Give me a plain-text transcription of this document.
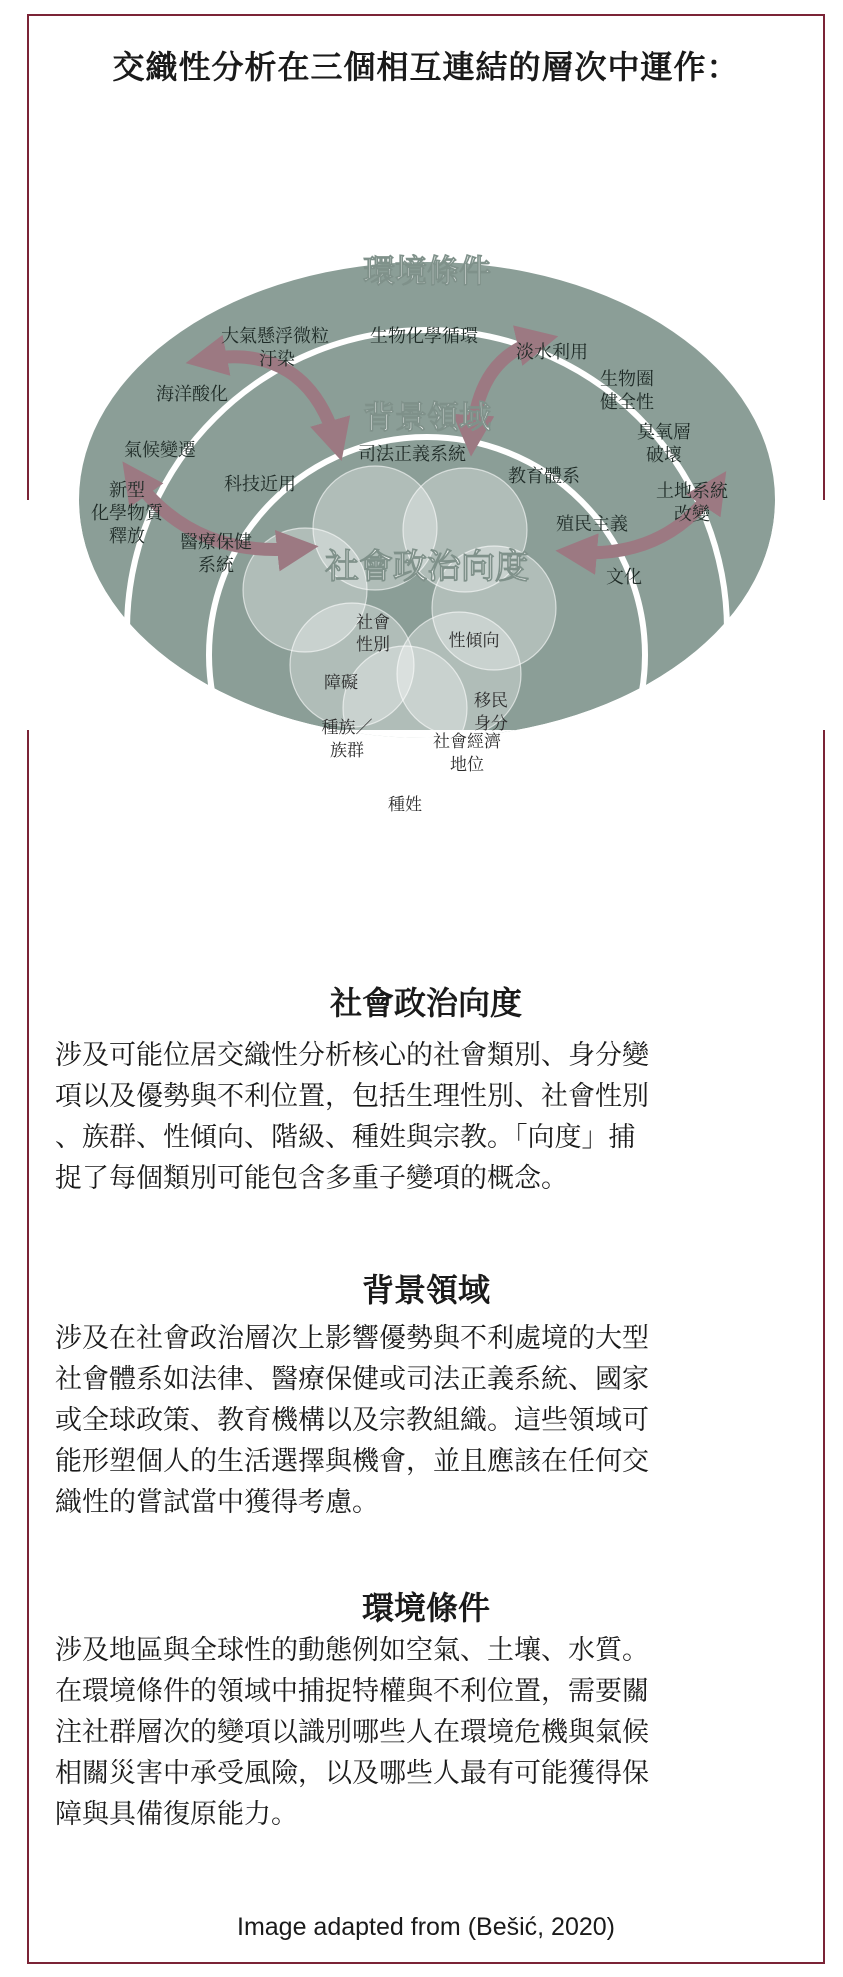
交織性分析在三個相互連結的層次中運作：
環境條件
背景領域
社會政治向度
大氣懸浮微粒
汙染
生物化學循環
淡水利用
海洋酸化
生物圈
健全性
臭氧層
破壞
氣候變遷
新型
化學物質
釋放
土地系統
改變
司法正義系統
科技近用	教育體系
殖民主義
醫療保健
系統
文化
社會
性別	性傾向
障礙
移民
身分
種族／
族群	社會經濟
地位
種姓
社會政治向度
涉及可能位居交織性分析核心的社會類別、身分變
項以及優勢與不利位置，包括生理性別、社會性別
、族群、性傾向、階級、種姓與宗教。「向度」捕
捉了每個類別可能包含多重子變項的概念。
背景領域
涉及在社會政治層次上影響優勢與不利處境的大型
社會體系如法律、醫療保健或司法正義系統、國家
或全球政策、教育機構以及宗教組織。這些領域可
能形塑個人的生活選擇與機會，並且應該在任何交
織性的嘗試當中獲得考慮。
環境條件
涉及地區與全球性的動態例如空氣、土壤、水質。
在環境條件的領域中捕捉特權與不利位置，需要關
注社群層次的變項以識別哪些人在環境危機與氣候
相關災害中承受風險，以及哪些人最有可能獲得保
障與具備復原能力。

Image adapted from (Bešić, 2020)
